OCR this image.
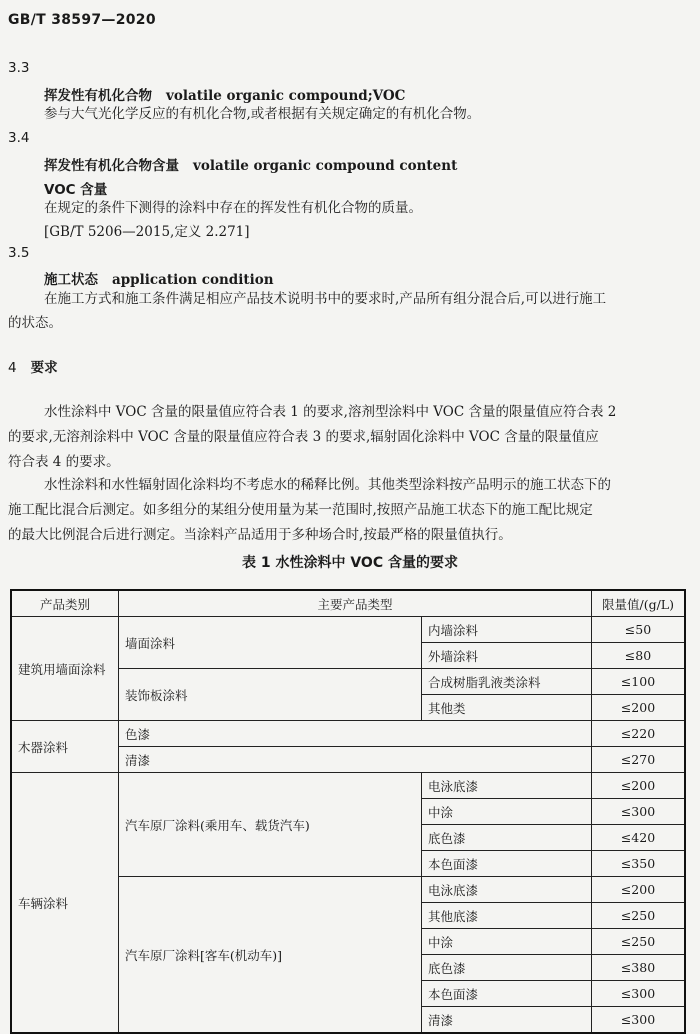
GB/T 38597—2020
3.3
挥发性有机化合物 volatile organic compound;VOC
参与大气光化学反应的有机化合物,或者根据有关规定确定的有机化合物。
3.4
挥发性有机化合物含量 volatile organic compound content
VOC 含量
在规定的条件下测得的涂料中存在的挥发性有机化合物的质量。
[GB/T 5206—2015,定义 2.271]
3.5
施工状态 application condition
在施工方式和施工条件满足相应产品技术说明书中的要求时,产品所有组分混合后,可以进行施工
的状态。
4 要求
水性涂料中 VOC 含量的限量值应符合表 1 的要求,溶剂型涂料中 VOC 含量的限量值应符合表 2
的要求,无溶剂涂料中 VOC 含量的限量值应符合表 3 的要求,辐射固化涂料中 VOC 含量的限量值应
符合表 4 的要求。
水性涂料和水性辐射固化涂料均不考虑水的稀释比例。其他类型涂料按产品明示的施工状态下的
施工配比混合后测定。如多组分的某组分使用量为某一范围时,按照产品施工状态下的施工配比规定
的最大比例混合后进行测定。当涂料产品适用于多种场合时,按最严格的限量值执行。
表 1 水性涂料中 VOC 含量的要求
产品类别	主要产品类型		限量值/(g/L)
建筑用墙面涂料	墙面涂料	内墙涂料	≤50
		外墙涂料	≤80
	装饰板涂料	合成树脂乳液类涂料	≤100
		其他类	≤200
木器涂料	色漆		≤220
	清漆		≤270
车辆涂料	汽车原厂涂料(乘用车、载货汽车)	电泳底漆	≤200
		中涂	≤300
		底色漆	≤420
		本色面漆	≤350
	汽车原厂涂料[客车(机动车)]	电泳底漆	≤200
		其他底漆	≤250
		中涂	≤250
		底色漆	≤380
		本色面漆	≤300
		清漆	≤300
